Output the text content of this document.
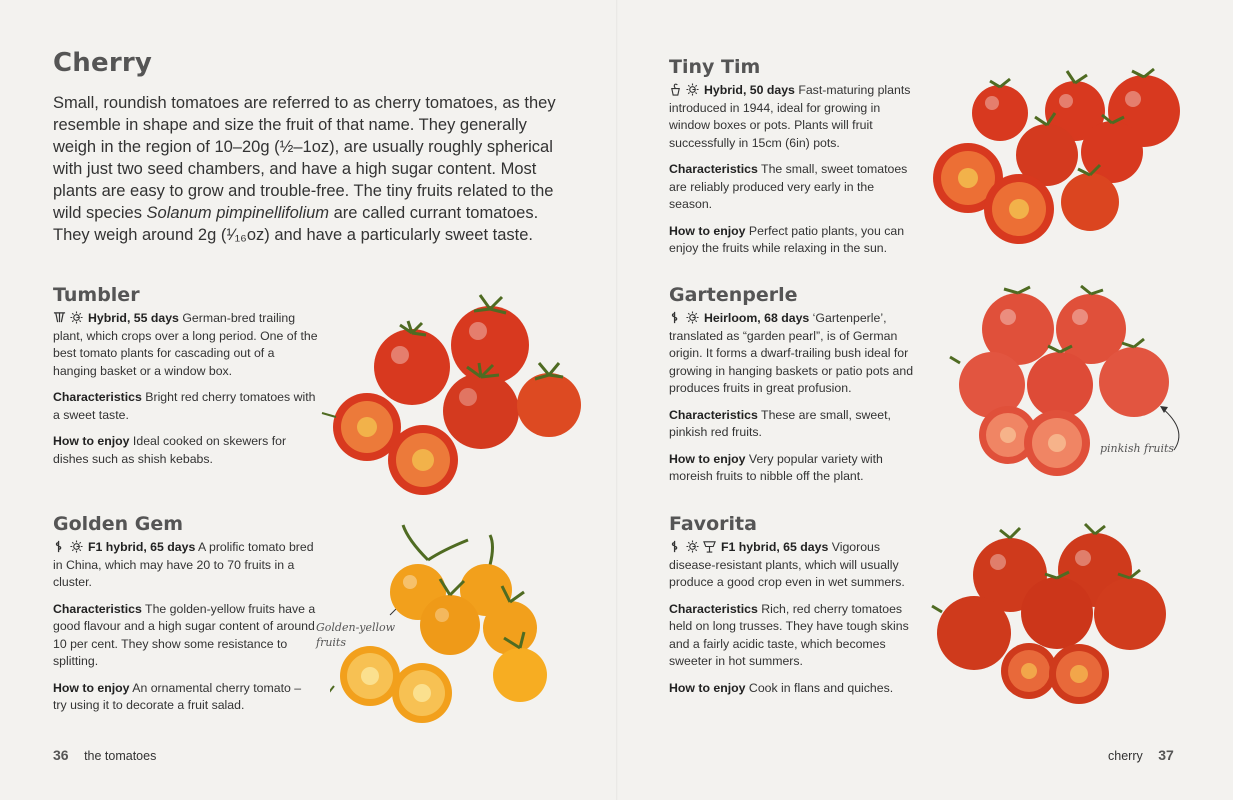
Cherry

Small, roundish tomatoes are referred to as cherry tomatoes, as they resemble in shape and size the fruit of that name. They generally weigh in the region of 10–20g (½–1oz), are usually roughly spherical with just two seed chambers, and have a high sugar content. Most plants are easy to grow and trouble-free. The tiny fruits related to the wild species Solanum pimpinellifolium are called currant tomatoes. They weigh around 2g (¹⁄₁₆oz) and have a particularly sweet taste.

Tumbler

Hybrid, 55 days German-bred trailing plant, which crops over a long period. One of the best tomato plants for cascading out of a hanging basket or a window box.

Characteristics Bright red cherry tomatoes with a sweet taste.

How to enjoy Ideal cooked on skewers for dishes such as shish kebabs.

Golden Gem

F1 hybrid, 65 days A prolific tomato bred in China, which may have 20 to 70 fruits in a cluster.

Characteristics The golden-yellow fruits have a good flavour and a high sugar content of around 10 per cent. They show some resistance to splitting.

How to enjoy An ornamental cherry tomato – try using it to decorate a fruit salad.

Golden-yellow
fruits
36 the tomatoes
Tiny Tim

Hybrid, 50 days Fast-maturing plants introduced in 1944, ideal for growing in window boxes or pots. Plants will fruit successfully in 15cm (6in) pots.

Characteristics The small, sweet tomatoes are reliably produced very early in the season.

How to enjoy Perfect patio plants, you can enjoy the fruits while relaxing in the sun.

Gartenperle

Heirloom, 68 days ‘Gartenperle’, translated as “garden pearl”, is of German origin. It forms a dwarf-trailing bush ideal for growing in hanging baskets or patio pots and produces fruits in great profusion.

Characteristics These are small, sweet, pinkish red fruits.

How to enjoy Very popular variety with moreish fruits to nibble off the plant.

pinkish fruits
Favorita

F1 hybrid, 65 days Vigorous disease-resistant plants, which will usually produce a good crop even in wet summers.

Characteristics Rich, red cherry tomatoes held on long trusses. They have tough skins and a fairly acidic taste, which becomes sweeter in hot summers.

How to enjoy Cook in flans and quiches.

cherry 37
